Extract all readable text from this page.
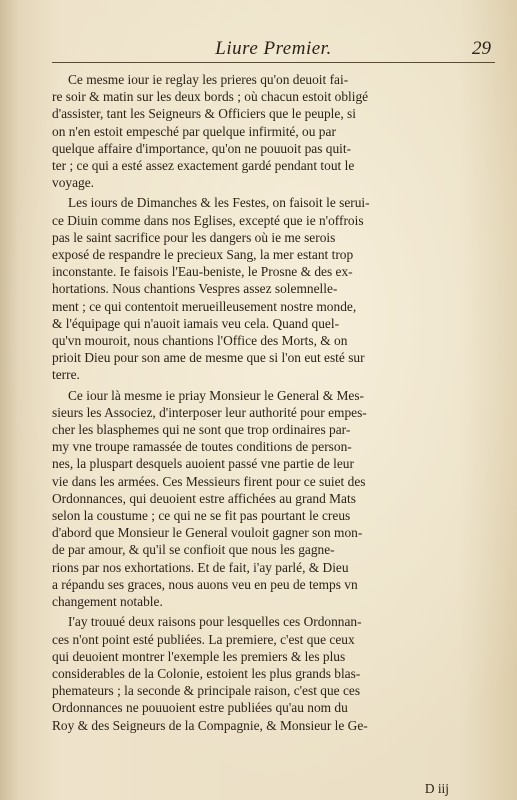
Liure Premier.	29

Ce mesme iour ie reglay les prieres qu'on deuoit fai-
re soir & matin sur les deux bords ; où chacun estoit obligé
d'assister, tant les Seigneurs & Officiers que le peuple, si
on n'en estoit empesché par quelque infirmité, ou par
quelque affaire d'importance, qu'on ne pouuoit pas quit-
ter ; ce qui a esté assez exactement gardé pendant tout le
voyage.

Les iours de Dimanches & les Festes, on faisoit le serui-
ce Diuin comme dans nos Eglises, excepté que ie n'offrois
pas le saint sacrifice pour les dangers où ie me serois
exposé de respandre le precieux Sang, la mer estant trop
inconstante. Ie faisois l'Eau-beniste, le Prosne & des ex-
hortations. Nous chantions Vespres assez solemnelle-
ment ; ce qui contentoit merueilleusement nostre monde,
& l'équipage qui n'auoit iamais veu cela. Quand quel-
qu'vn mouroit, nous chantions l'Office des Morts, & on
prioit Dieu pour son ame de mesme que si l'on eut esté sur
terre.

Ce iour là mesme ie priay Monsieur le General & Mes-
sieurs les Associez, d'interposer leur authorité pour empes-
cher les blasphemes qui ne sont que trop ordinaires par-
my vne troupe ramassée de toutes conditions de person-
nes, la pluspart desquels auoient passé vne partie de leur
vie dans les armées. Ces Messieurs firent pour ce suiet des
Ordonnances, qui deuoient estre affichées au grand Mats
selon la coustume ; ce qui ne se fit pas pourtant le creus
d'abord que Monsieur le General vouloit gagner son mon-
de par amour, & qu'il se confioit que nous les gagne-
rions par nos exhortations. Et de fait, i'ay parlé, & Dieu
a répandu ses graces, nous auons veu en peu de temps vn
changement notable.

I'ay trouué deux raisons pour lesquelles ces Ordonnan-
ces n'ont point esté publiées. La premiere, c'est que ceux
qui deuoient montrer l'exemple les premiers & les plus
considerables de la Colonie, estoient les plus grands blas-
phemateurs ; la seconde & principale raison, c'est que ces
Ordonnances ne pouuoient estre publiées qu'au nom du
Roy & des Seigneurs de la Compagnie, & Monsieur le Ge-

D iij
